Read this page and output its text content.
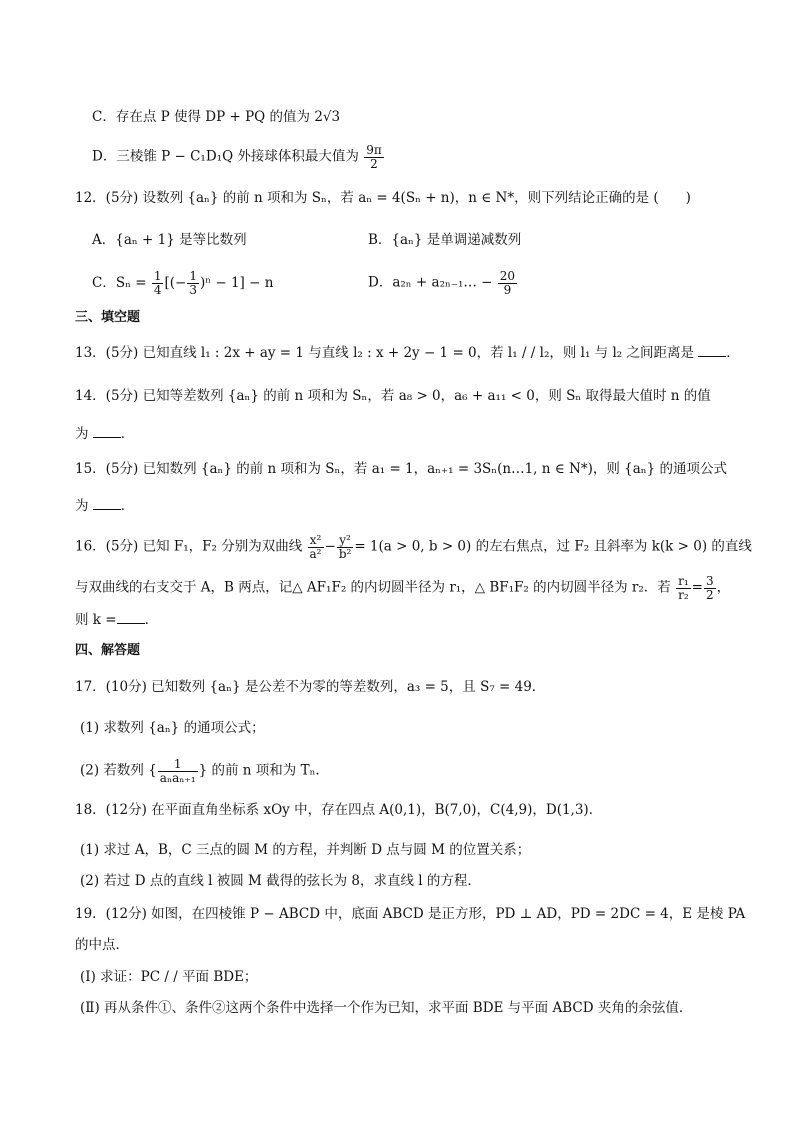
C．存在点 P 使得 DP + PQ 的值为 2√3
D．三棱锥 P − C₁D₁Q 外接球体积最大值为 $\frac{9\pi}{2}$
12．(5分) 设数列 {aₙ} 的前 n 项和为 Sₙ，若 aₙ = 4(Sₙ + n)，n ∈ N*，则下列结论正确的是 (　　)
A．{aₙ + 1} 是等比数列	B．{aₙ} 是单调递减数列
C．$S_n = \frac{1}{4}$ [(− $\frac{1}{3} )^n - 1] - n$	D．a₂ₙ + a₂ₙ₋₁… − $\frac{20}{9}$
三、填空题
13．(5分) 已知直线 l₁ : 2x + ay = 1 与直线 l₂ : x + 2y − 1 = 0，若 l₁ / / l₂，则 l₁ 与 l₂ 之间距离是 ．
14．(5分) 已知等差数列 {aₙ} 的前 n 项和为 Sₙ，若 a₈ > 0，a₆ + a₁₁ < 0，则 Sₙ 取得最大值时 n 的值
为 ．
15．(5分) 已知数列 {aₙ} 的前 n 项和为 Sₙ，若 a₁ = 1，aₙ₊₁ = 3Sₙ(n…1, n ∈ N*)，则 {aₙ} 的通项公式
为 ．
16．(5分) 已知 F₁，F₂ 分别为双曲线 $\frac{\text{x²}}{\text{a²}} - \frac{\text{y²}}{\text{b²}} = 1(a > 0$, b > 0) 的左右焦点，过 F₂ 且斜率为 k(k > 0) 的直线
与双曲线的右支交于 A，B 两点，记△ AF₁F₂ 的内切圆半径为 r₁，△ BF₁F₂ 的内切圆半径为 r₂．若 $\frac{\text{r₁}}{\text{r₂}} = \frac{3}{2}$ ，
则 k = ．
四、解答题
17．(10分) 已知数列 {aₙ} 是公差不为零的等差数列，a₃ = 5，且 S₇ = 49．
(1) 求数列 {aₙ} 的通项公式；
(2) 若数列 { $\frac{1}{\text{aₙaₙ₊₁}}$ } 的前 n 项和为 Tₙ．
18．(12分) 在平面直角坐标系 xOy 中，存在四点 A(0,1)，B(7,0)，C(4,9)，D(1,3)．
(1) 求过 A，B，C 三点的圆 M 的方程，并判断 D 点与圆 M 的位置关系；
(2) 若过 D 点的直线 l 被圆 M 截得的弦长为 8，求直线 l 的方程．
19．(12分) 如图，在四棱锥 P − ABCD 中，底面 ABCD 是正方形，PD ⊥ AD，PD = 2DC = 4，E 是棱 PA
的中点．
(Ⅰ) 求证：PC / / 平面 BDE；
(Ⅱ) 再从条件①、条件②这两个条件中选择一个作为已知，求平面 BDE 与平面 ABCD 夹角的余弦值．
